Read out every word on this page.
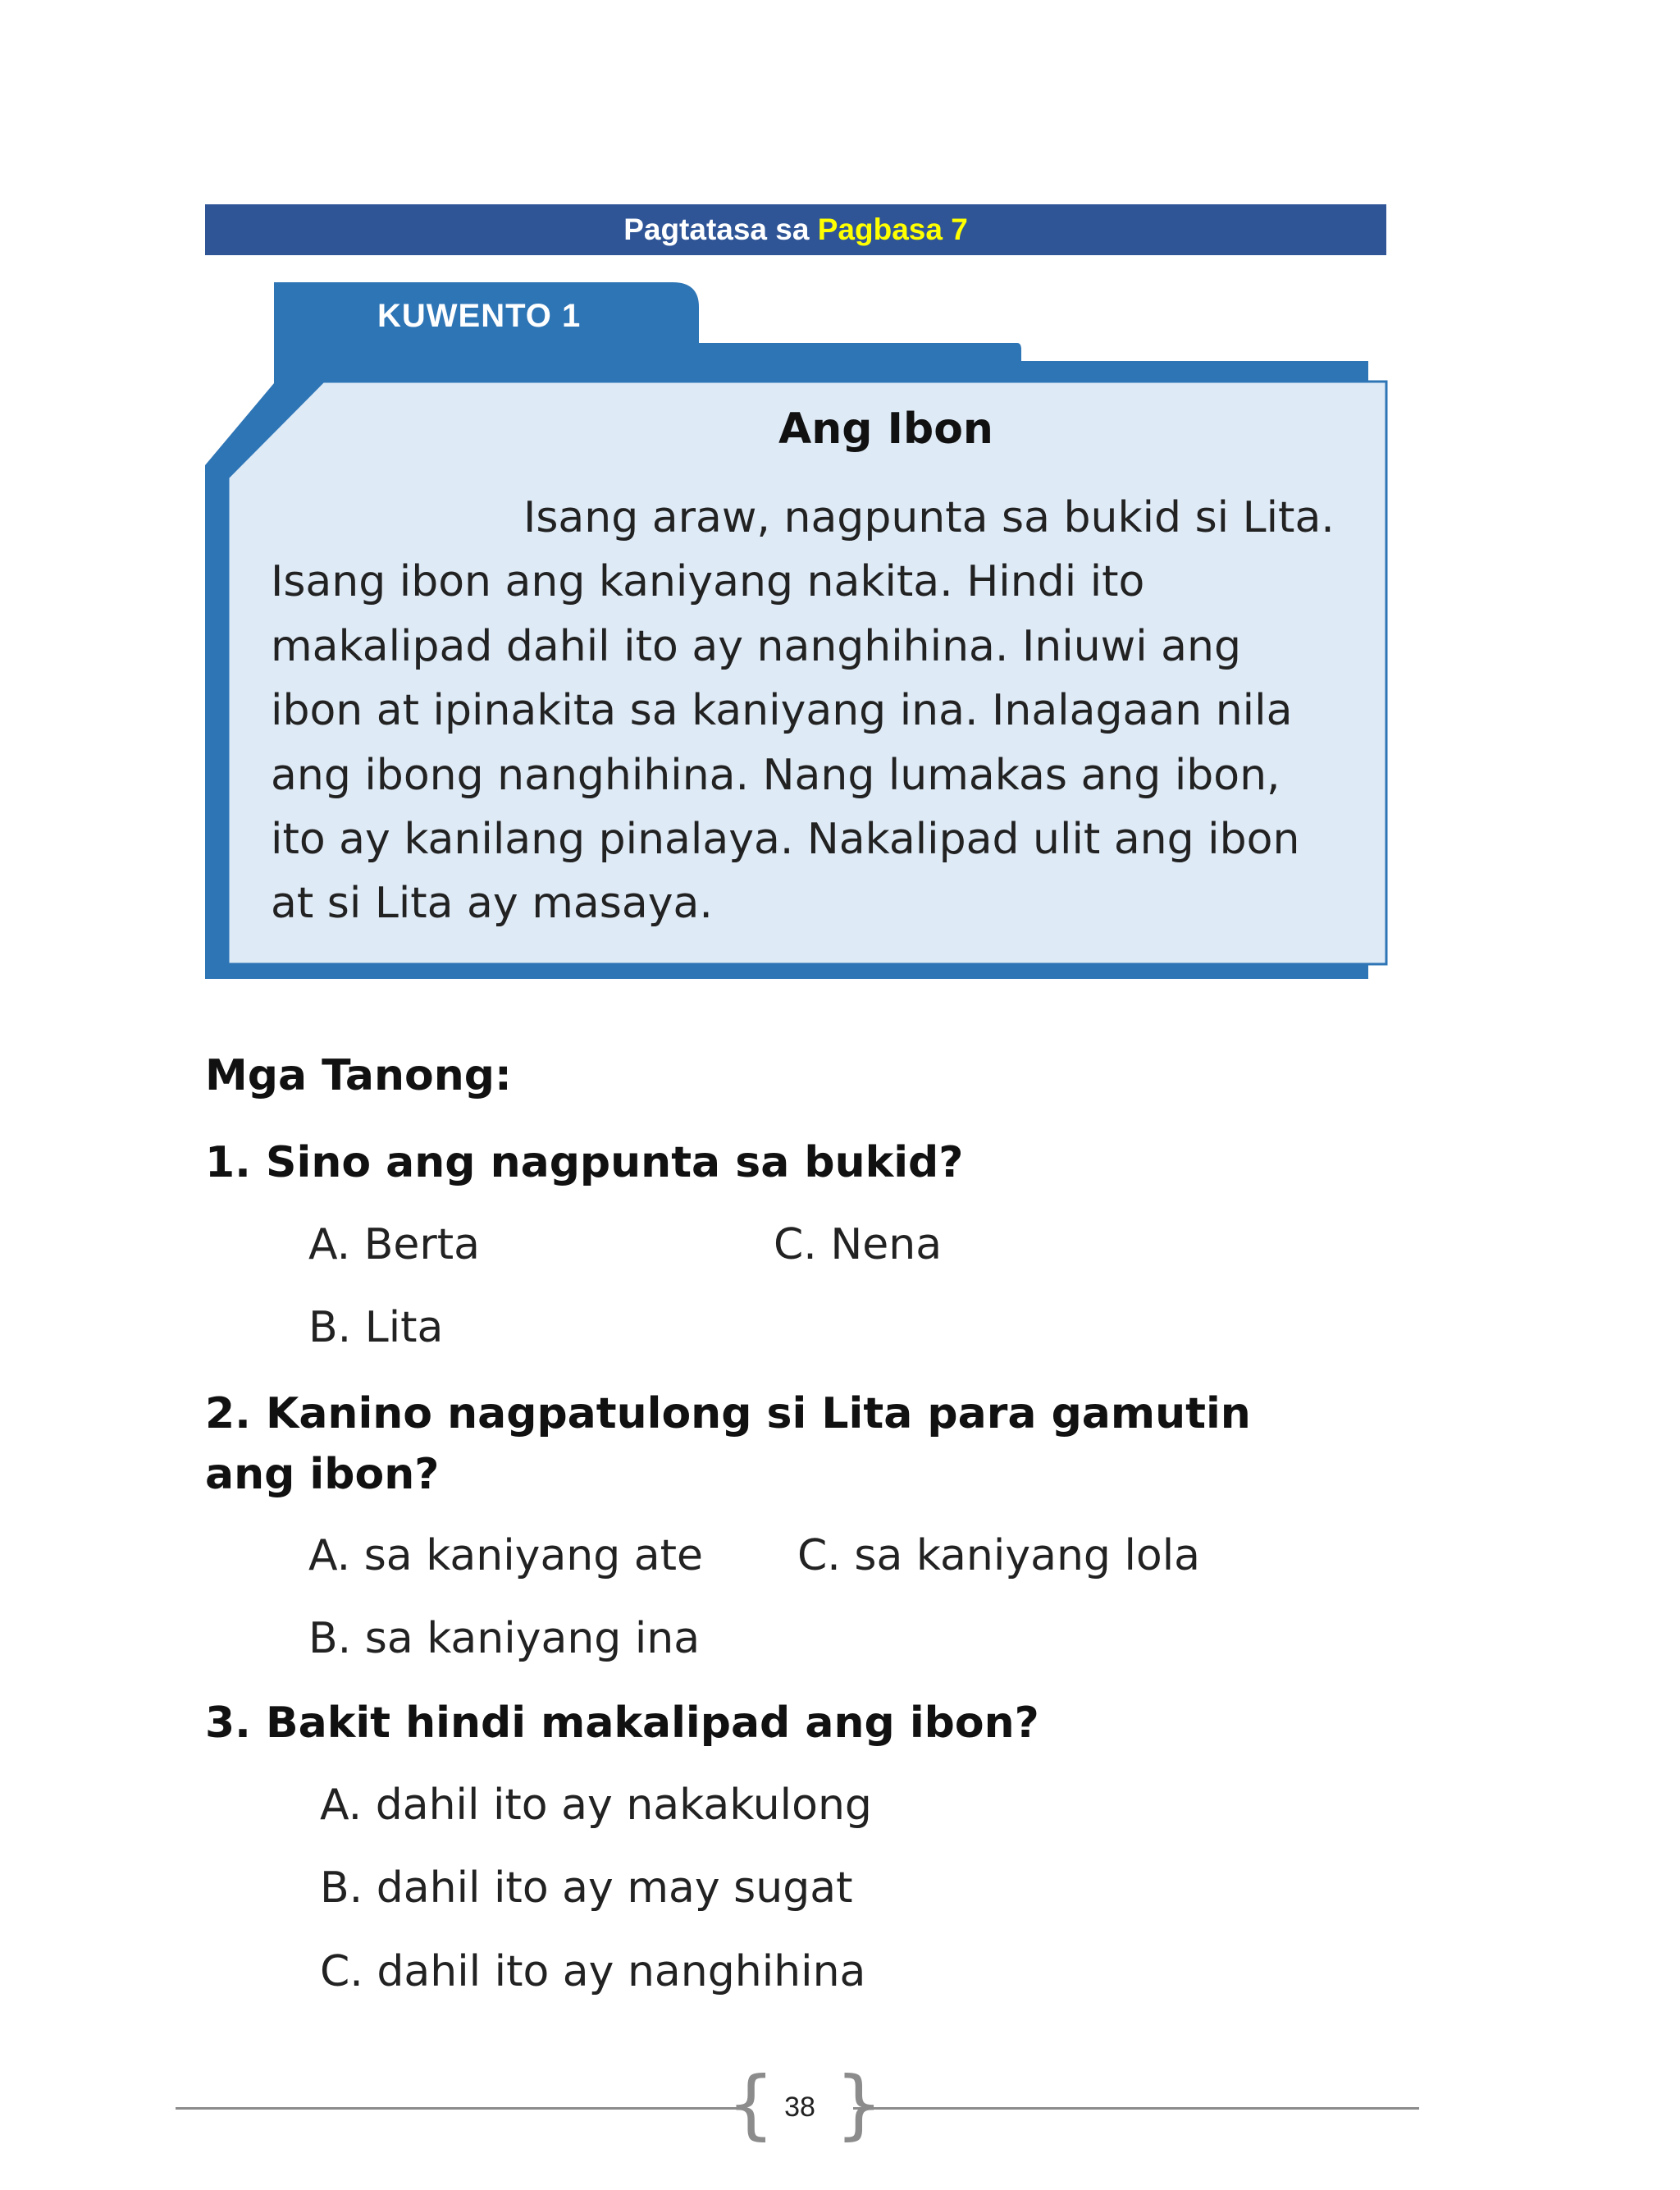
Pagtatasa sa Pagbasa 7
KUWENTO 1
Ang Ibon
Isang araw, nagpunta sa bukid si Lita.
Isang ibon ang kaniyang nakita. Hindi ito
makalipad dahil ito ay nanghihina. Iniuwi ang
ibon at ipinakita sa kaniyang ina. Inalagaan nila
ang ibong nanghihina. Nang lumakas ang ibon,
ito ay kanilang pinalaya. Nakalipad ulit ang ibon
at si Lita ay masaya.
Mga Tanong:
1. Sino ang nagpunta sa bukid?
A. Berta	C. Nena
B. Lita
2. Kanino nagpatulong si Lita para gamutin ang ibon?
A. sa kaniyang ate C. sa kaniyang lola
B. sa kaniyang ina
3. Bakit hindi makalipad ang ibon?
A. dahil ito ay nakakulong
B. dahil ito ay may sugat
C. dahil ito ay nanghihina
{ }
38
